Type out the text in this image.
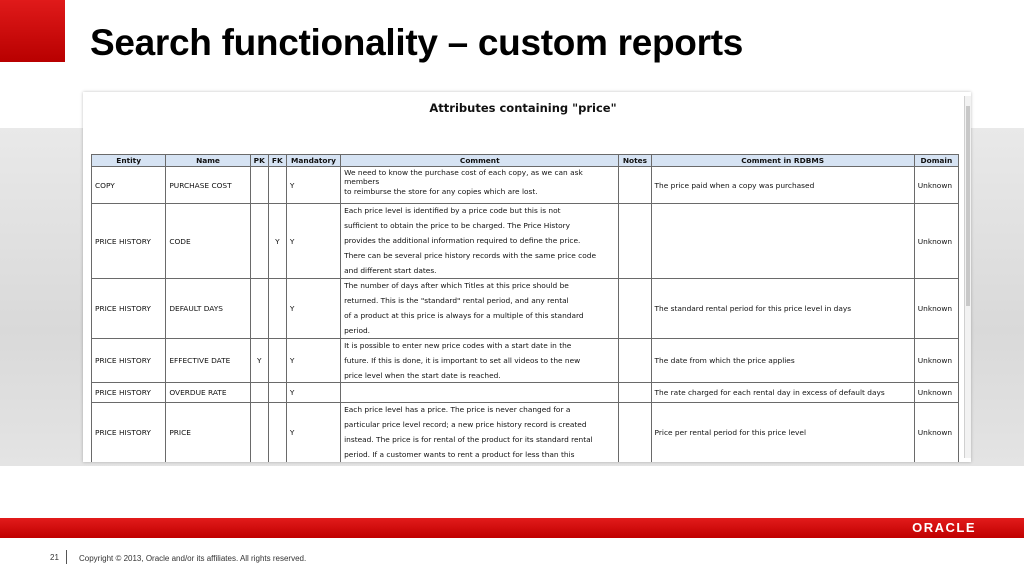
Search functionality – custom reports
Attributes containing "price"
Entity	Name	PK	FK	Mandatory	Comment	Notes	Comment in RDBMS	Domain
COPY	PURCHASE COST			Y	We need to know the purchase cost of each copy, as we can ask members
to reimburse the store for any copies which are lost.		The price paid when a copy was purchased	Unknown
PRICE HISTORY	CODE		Y	Y	Each price level is identified by a price code but this is not
sufficient to obtain the price to be charged. The Price History
provides the additional information required to define the price.
There can be several price history records with the same price code
and different start dates.			Unknown
PRICE HISTORY	DEFAULT DAYS			Y	The number of days after which Titles at this price should be
returned. This is the "standard" rental period, and any rental
of a product at this price is always for a multiple of this standard
period.		The standard rental period for this price level in days	Unknown
PRICE HISTORY	EFFECTIVE DATE	Y		Y	It is possible to enter new price codes with a start date in the
future. If this is done, it is important to set all videos to the new
price level when the start date is reached.		The date from which the price applies	Unknown
PRICE HISTORY	OVERDUE RATE			Y			The rate charged for each rental day in excess of default days	Unknown
PRICE HISTORY	PRICE			Y	Each price level has a price. The price is never changed for a
particular price level record; a new price history record is created
instead. The price is for rental of the product for its standard rental
period. If a customer wants to rent a product for less than this		Price per rental period for this price level	Unknown
ORACLE
21	Copyright © 2013, Oracle and/or its affiliates. All rights reserved.
